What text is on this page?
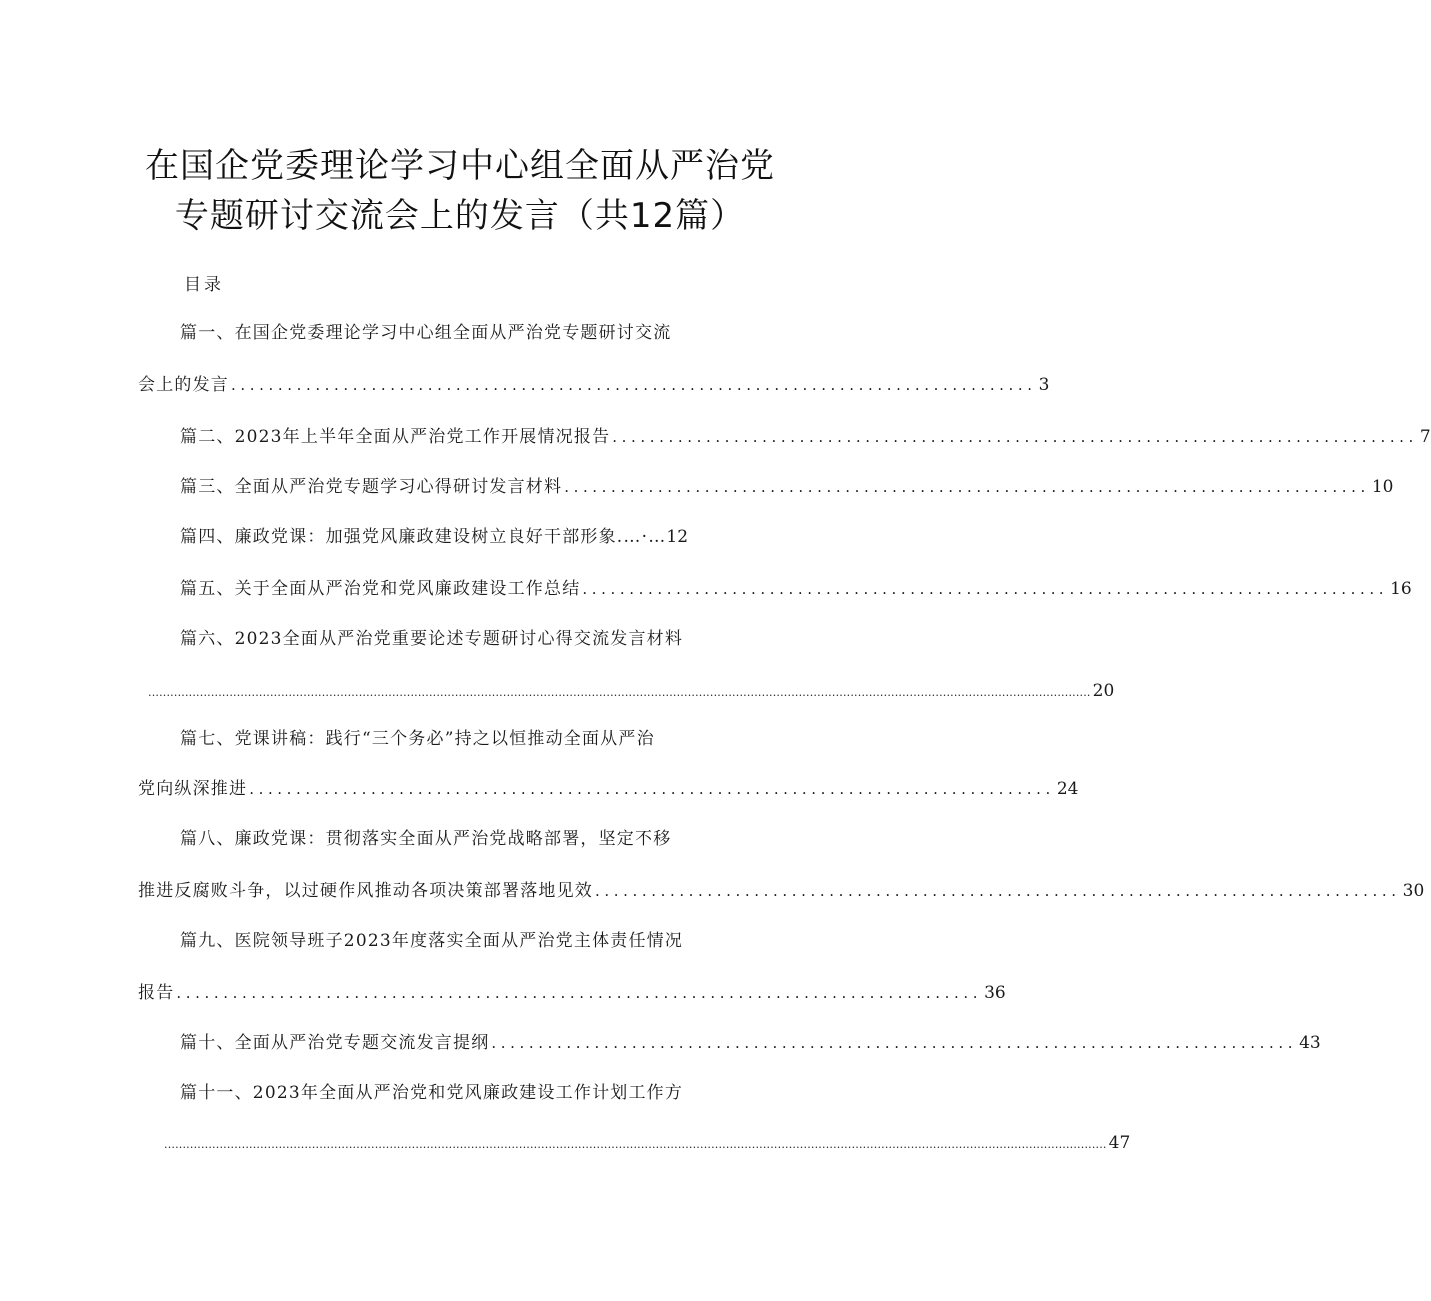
在国企党委理论学习中心组全面从严治党
专题研讨交流会上的发言（共12篇）
目录
篇一、在国企党委理论学习中心组全面从严治党专题研讨交流
会上的发言 ...................................................................................... 3
篇二、2023年上半年全面从严治党工作开展情况报告 ...................................................................................... 7
篇三、全面从严治党专题学习心得研讨发言材料 ...................................................................................... 10
篇四、廉政党课：加强党风廉政建设树立良好干部形象.…·… 12
篇五、关于全面从严治党和党风廉政建设工作总结 ...................................................................................... 16
篇六、2023全面从严治党重要论述专题研讨心得交流发言材料
............................................................................................................................................................................................................................................................... 20
篇七、党课讲稿：践行“三个务必”持之以恒推动全面从严治
党向纵深推进 ...................................................................................... 24
篇八、廉政党课：贯彻落实全面从严治党战略部署，坚定不移
推进反腐败斗争，以过硬作风推动各项决策部署落地见效 ...................................................................................... 30
篇九、医院领导班子2023年度落实全面从严治党主体责任情况
报告 ...................................................................................... 36
篇十、全面从严治党专题交流发言提纲 ...................................................................................... 43
篇十一、2023年全面从严治党和党风廉政建设工作计划工作方
............................................................................................................................................................................................................................................................... 47
